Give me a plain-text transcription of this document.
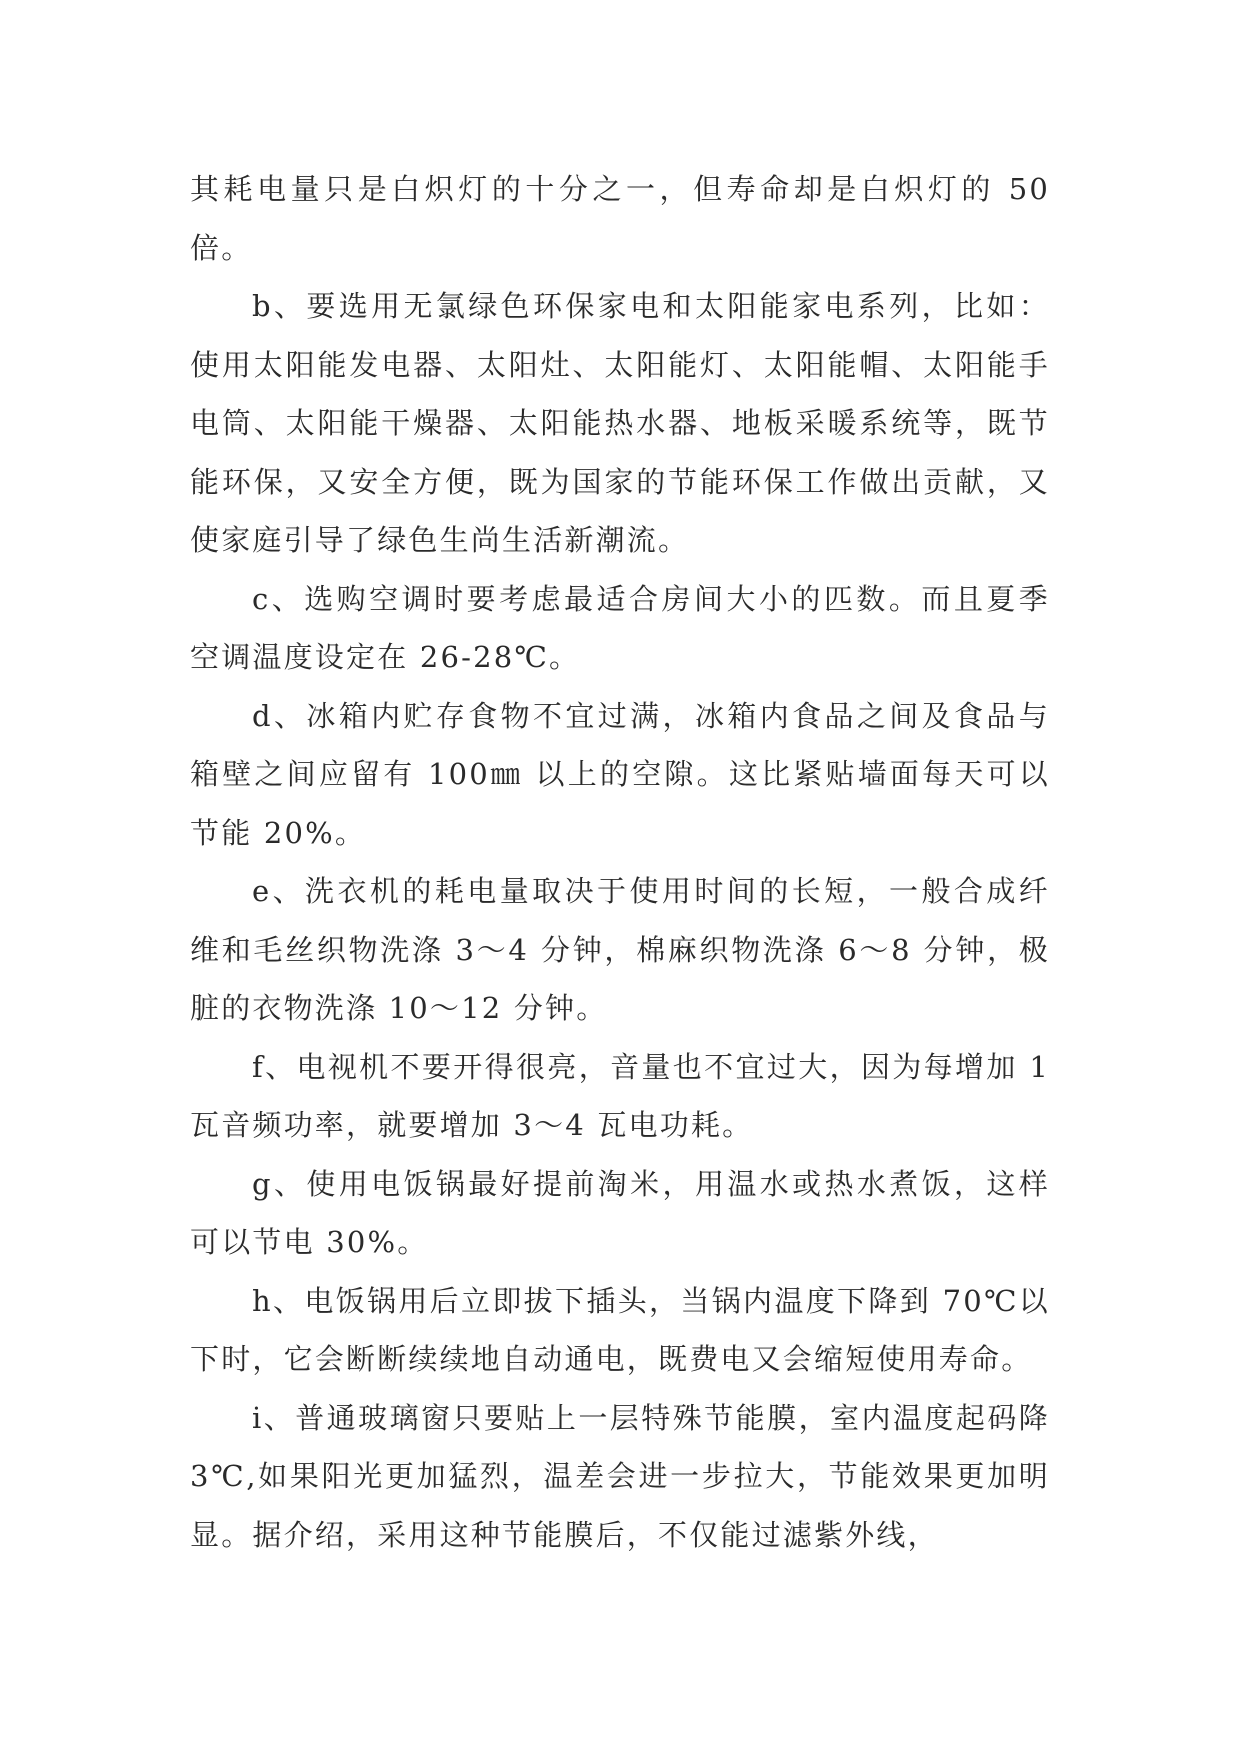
其耗电量只是白炽灯的十分之一，但寿命却是白炽灯的 50 倍。

b、要选用无氯绿色环保家电和太阳能家电系列，比如：使用太阳能发电器、太阳灶、太阳能灯、太阳能帽、太阳能手电筒、太阳能干燥器、太阳能热水器、地板采暖系统等，既节能环保，又安全方便，既为国家的节能环保工作做出贡献，又使家庭引导了绿色生尚生活新潮流。

c、选购空调时要考虑最适合房间大小的匹数。而且夏季空调温度设定在 26-28℃。

d、冰箱内贮存食物不宜过满，冰箱内食品之间及食品与箱壁之间应留有 100㎜ 以上的空隙。这比紧贴墙面每天可以节能 20%。

e、洗衣机的耗电量取决于使用时间的长短，一般合成纤维和毛丝织物洗涤 3～4 分钟，棉麻织物洗涤 6～8 分钟，极脏的衣物洗涤 10～12 分钟。

f、电视机不要开得很亮，音量也不宜过大，因为每增加 1 瓦音频功率，就要增加 3～4 瓦电功耗。

g、使用电饭锅最好提前淘米，用温水或热水煮饭，这样可以节电 30%。

h、电饭锅用后立即拔下插头，当锅内温度下降到 70℃以下时，它会断断续续地自动通电，既费电又会缩短使用寿命。

i、普通玻璃窗只要贴上一层特殊节能膜，室内温度起码降 3℃,如果阳光更加猛烈，温差会进一步拉大，节能效果更加明显。据介绍，采用这种节能膜后，不仅能过滤紫外线，
